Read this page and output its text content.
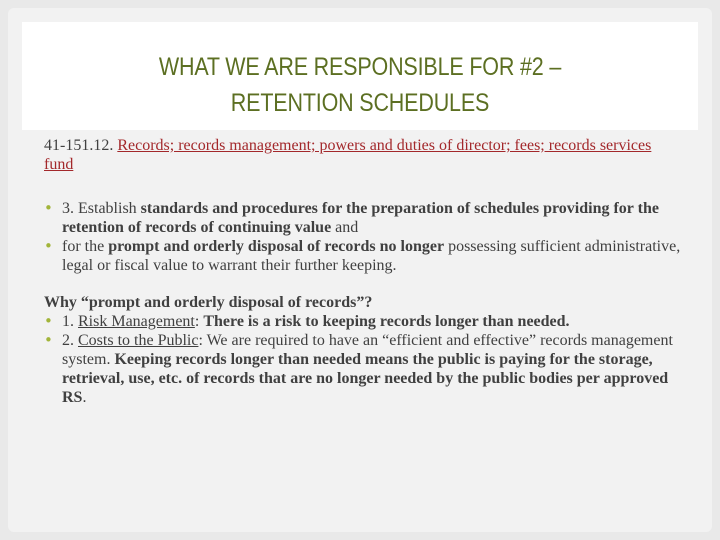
WHAT WE ARE RESPONSIBLE FOR #2 –
RETENTION SCHEDULES

41-151.12. Records; records management; powers and duties of director; fees; records services fund

• 3. Establish standards and procedures for the preparation of schedules providing for the retention of records of continuing value and
• for the prompt and orderly disposal of records no longer possessing sufficient administrative, legal or fiscal value to warrant their further keeping.

Why “prompt and orderly disposal of records”?

• 1. Risk Management: There is a risk to keeping records longer than needed.
• 2. Costs to the Public: We are required to have an “efficient and effective” records management system. Keeping records longer than needed means the public is paying for the storage, retrieval, use, etc. of records that are no longer needed by the public bodies per approved RS.
